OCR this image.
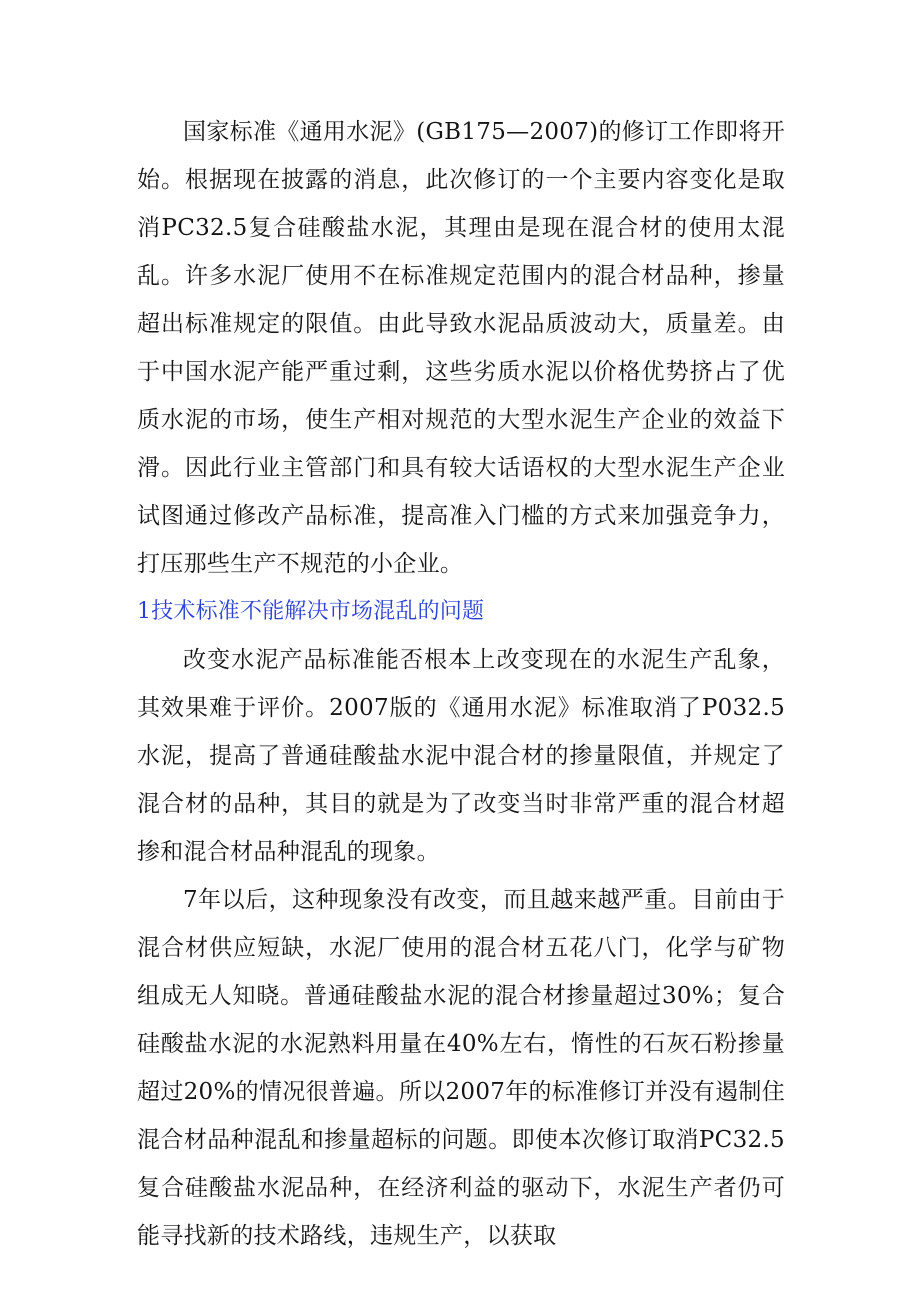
国家标准《通用水泥》(GB175—2007)的修订工作即将开始。根据现在披露的消息，此次修订的一个主要内容变化是取消PC32.5复合硅酸盐水泥，其理由是现在混合材的使用太混乱。许多水泥厂使用不在标准规定范围内的混合材品种，掺量超出标准规定的限值。由此导致水泥品质波动大，质量差。由于中国水泥产能严重过剩，这些劣质水泥以价格优势挤占了优质水泥的市场，使生产相对规范的大型水泥生产企业的效益下滑。因此行业主管部门和具有较大话语权的大型水泥生产企业试图通过修改产品标准，提高准入门槛的方式来加强竞争力，打压那些生产不规范的小企业。

1技术标准不能解决市场混乱的问题

改变水泥产品标准能否根本上改变现在的水泥生产乱象，其效果难于评价。2007版的《通用水泥》标准取消了P032.5水泥，提高了普通硅酸盐水泥中混合材的掺量限值，并规定了混合材的品种，其目的就是为了改变当时非常严重的混合材超掺和混合材品种混乱的现象。

7年以后，这种现象没有改变，而且越来越严重。目前由于混合材供应短缺，水泥厂使用的混合材五花八门，化学与矿物组成无人知晓。普通硅酸盐水泥的混合材掺量超过30%；复合硅酸盐水泥的水泥熟料用量在40%左右，惰性的石灰石粉掺量超过20%的情况很普遍。所以2007年的标准修订并没有遏制住混合材品种混乱和掺量超标的问题。即使本次修订取消PC32.5复合硅酸盐水泥品种，在经济利益的驱动下，水泥生产者仍可能寻找新的技术路线，违规生产，以获取
